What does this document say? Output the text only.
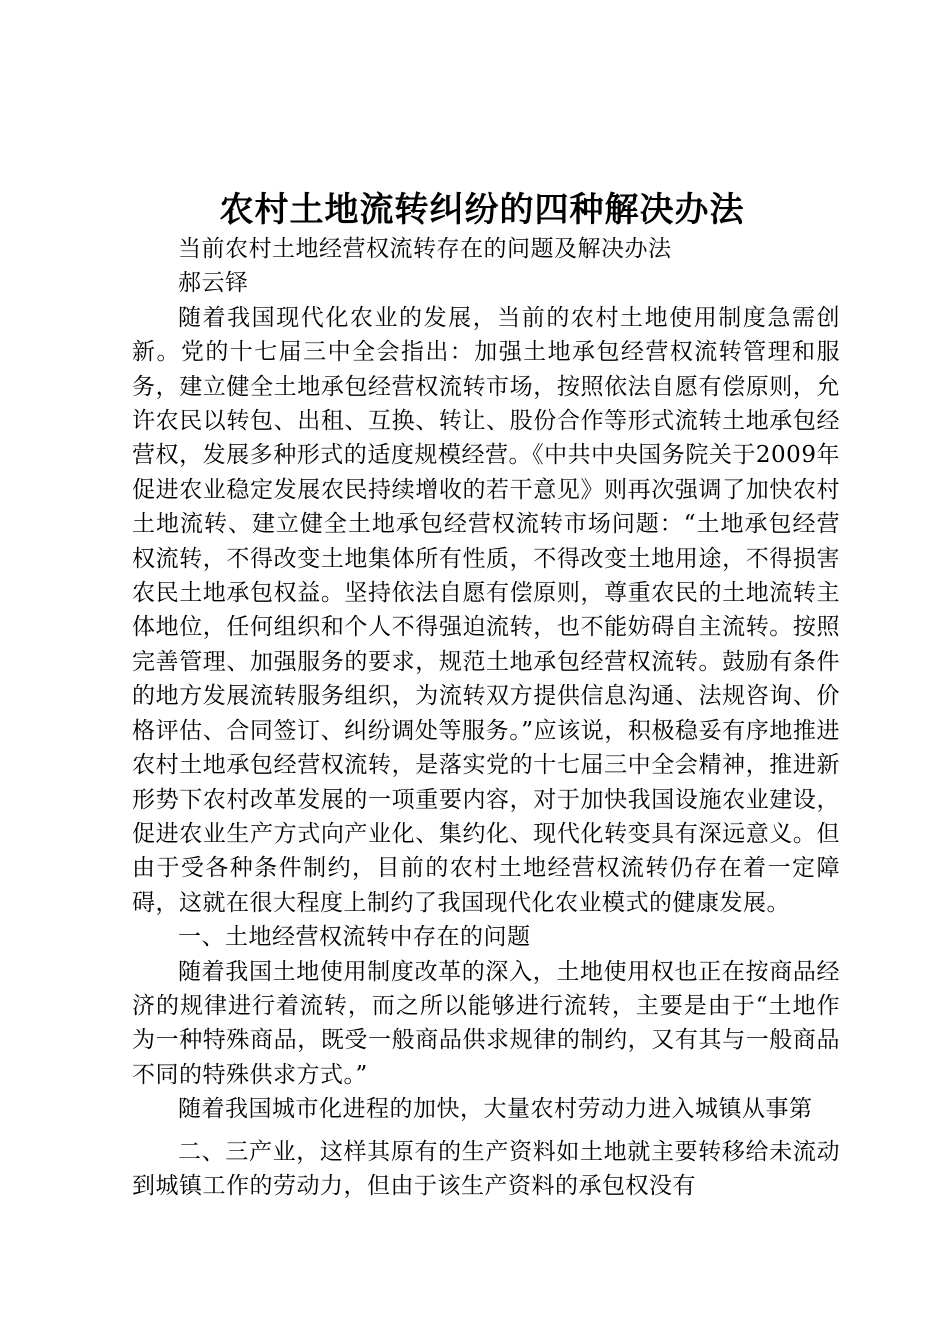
农村土地流转纠纷的四种解决办法

当前农村土地经营权流转存在的问题及解决办法

郝云铎

随着我国现代化农业的发展，当前的农村土地使用制度急需创新。党的十七届三中全会指出：加强土地承包经营权流转管理和服务，建立健全土地承包经营权流转市场，按照依法自愿有偿原则，允许农民以转包、出租、互换、转让、股份合作等形式流转土地承包经营权，发展多种形式的适度规模经营。《中共中央国务院关于2009年促进农业稳定发展农民持续增收的若干意见》则再次强调了加快农村土地流转、建立健全土地承包经营权流转市场问题：“土地承包经营权流转，不得改变土地集体所有性质，不得改变土地用途，不得损害农民土地承包权益。坚持依法自愿有偿原则，尊重农民的土地流转主体地位，任何组织和个人不得强迫流转，也不能妨碍自主流转。按照完善管理、加强服务的要求，规范土地承包经营权流转。鼓励有条件的地方发展流转服务组织，为流转双方提供信息沟通、法规咨询、价格评估、合同签订、纠纷调处等服务。”应该说，积极稳妥有序地推进农村土地承包经营权流转，是落实党的十七届三中全会精神，推进新形势下农村改革发展的一项重要内容，对于加快我国设施农业建设，促进农业生产方式向产业化、集约化、现代化转变具有深远意义。但由于受各种条件制约，目前的农村土地经营权流转仍存在着一定障碍，这就在很大程度上制约了我国现代化农业模式的健康发展。

一、土地经营权流转中存在的问题

随着我国土地使用制度改革的深入，土地使用权也正在按商品经济的规律进行着流转，而之所以能够进行流转，主要是由于“土地作为一种特殊商品，既受一般商品供求规律的制约，又有其与一般商品不同的特殊供求方式。”

随着我国城市化进程的加快，大量农村劳动力进入城镇从事第

二、三产业，这样其原有的生产资料如土地就主要转移给未流动到城镇工作的劳动力，但由于该生产资料的承包权没有
